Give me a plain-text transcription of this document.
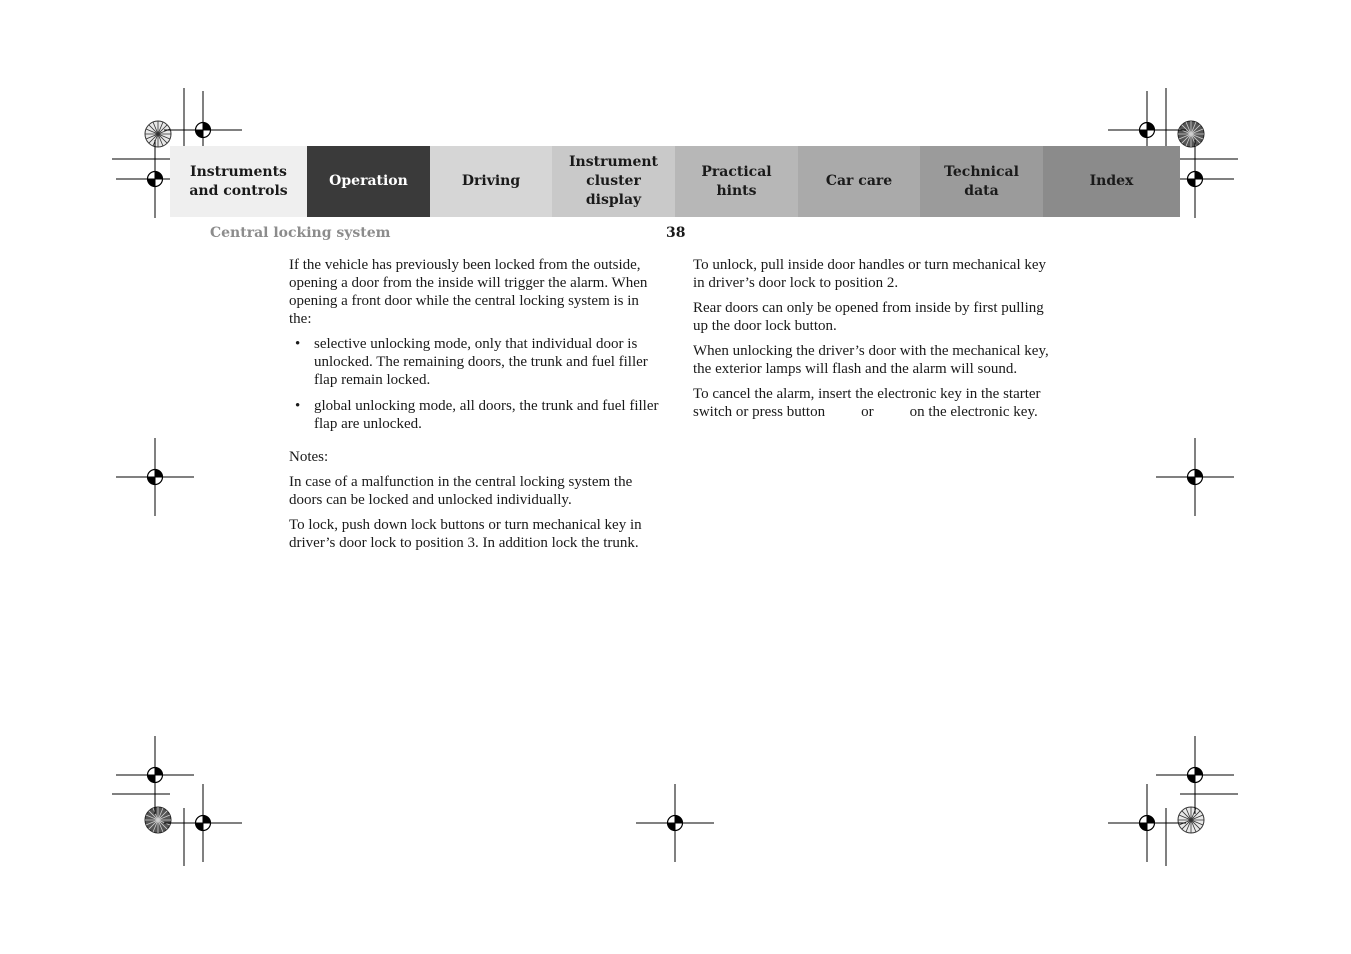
Instruments
and controls
Operation	Driving
Instrument
cluster display
Practical hints
Car care
Technical
data
Index
Central locking system	38

If the vehicle has previously been locked from the outside, opening a door from the inside will trigger the alarm. When opening a front door while the central locking system is in the:

• selective unlocking mode, only that individual door is unlocked. The remaining doors, the trunk and fuel filler flap remain locked.
• global unlocking mode, all doors, the trunk and fuel filler flap are unlocked.

Notes:

In case of a malfunction in the central locking system the doors can be locked and unlocked individually.

To lock, push down lock buttons or turn mechanical key in driver’s door lock to position 3. In addition lock the trunk.

To unlock, pull inside door handles or turn mechanical key in driver’s door lock to position 2.

Rear doors can only be opened from inside by first pulling up the door lock button.

When unlocking the driver’s door with the mechanical key, the exterior lamps will flash and the alarm will sound.

To cancel the alarm, insert the electronic key in the starter switch or press button or on the electronic key.
